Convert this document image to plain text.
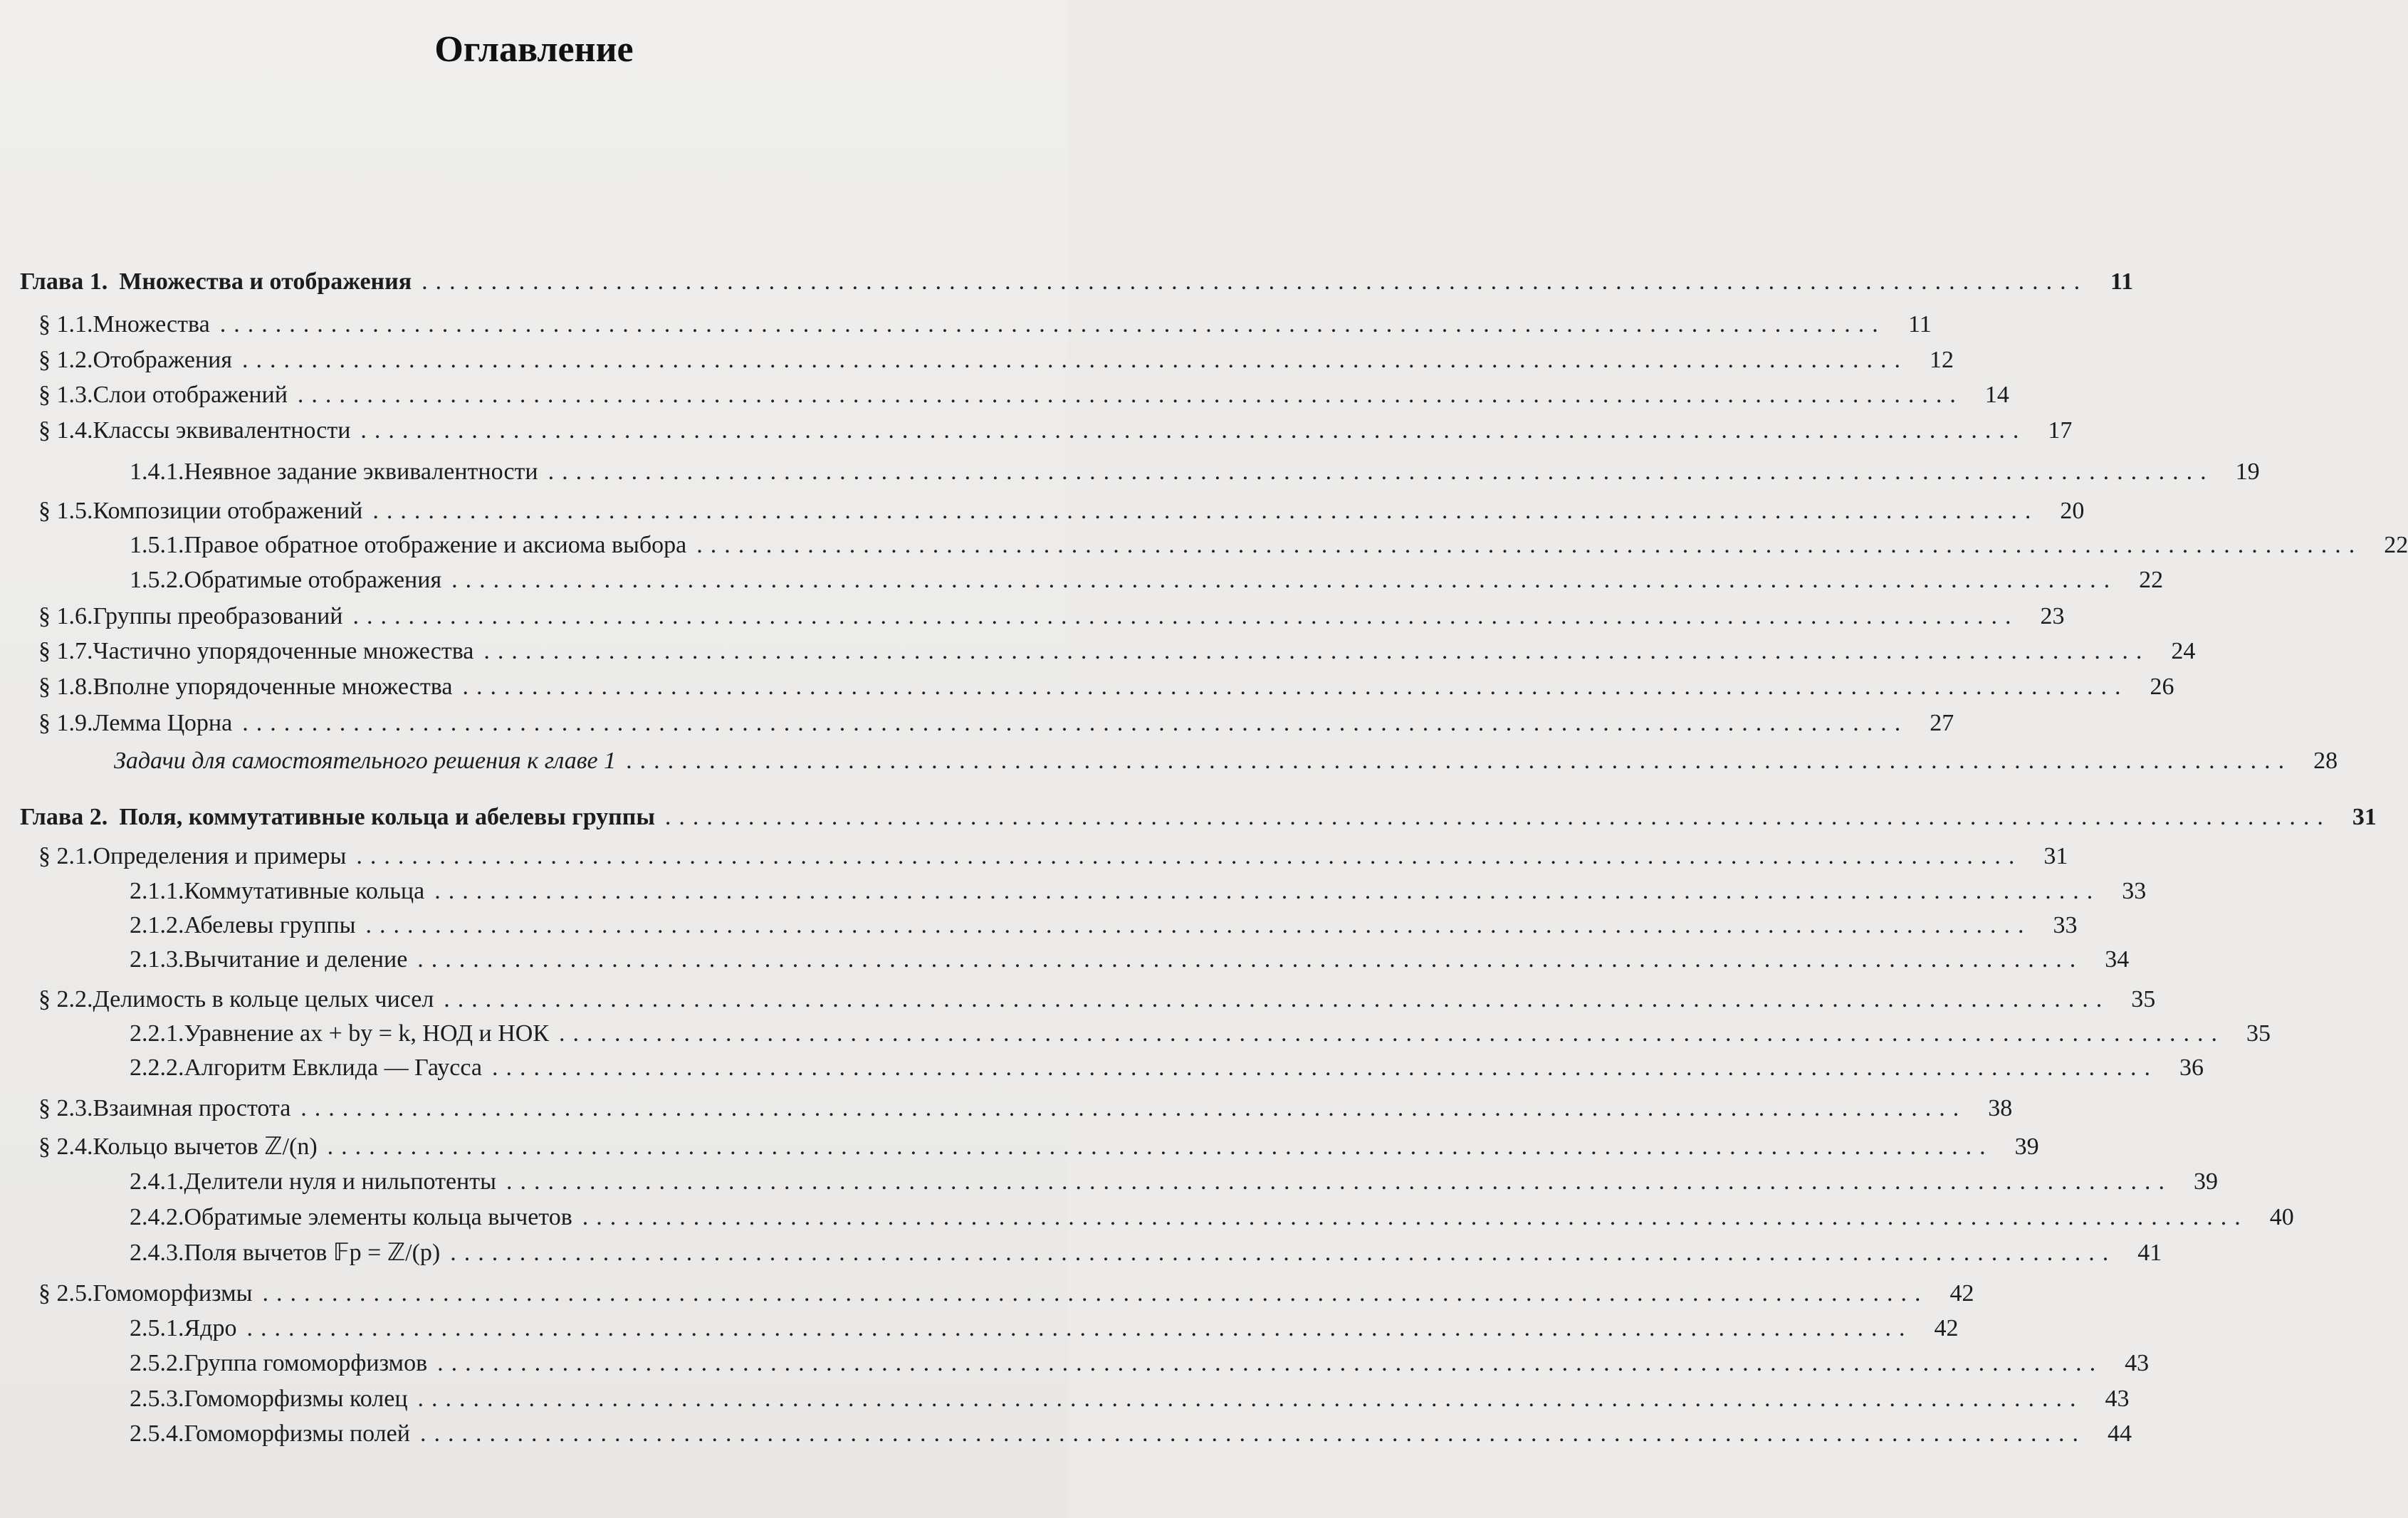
Оглавление
Глава 1. Множества и отображения ........................................................................................................................ 11
§ 1.1. Множества ........................................................................................................................ 11
§ 1.2. Отображения ........................................................................................................................ 12
§ 1.3. Слои отображений ........................................................................................................................ 14
§ 1.4. Классы эквивалентности ........................................................................................................................ 17
1.4.1. Неявное задание эквивалентности ........................................................................................................................ 19
§ 1.5. Композиции отображений ........................................................................................................................ 20
1.5.1. Правое обратное отображение и аксиома выбора ........................................................................................................................ 22
1.5.2. Обратимые отображения ........................................................................................................................ 22
§ 1.6. Группы преобразований ........................................................................................................................ 23
§ 1.7. Частично упорядоченные множества ........................................................................................................................ 24
§ 1.8. Вполне упорядоченные множества ........................................................................................................................ 26
§ 1.9. Лемма Цорна ........................................................................................................................ 27
Задачи для самостоятельного решения к главе 1 ........................................................................................................................ 28
Глава 2. Поля, коммутативные кольца и абелевы группы ........................................................................................................................ 31
§ 2.1. Определения и примеры ........................................................................................................................ 31
2.1.1. Коммутативные кольца ........................................................................................................................ 33
2.1.2. Абелевы группы ........................................................................................................................ 33
2.1.3. Вычитание и деление ........................................................................................................................ 34
§ 2.2. Делимость в кольце целых чисел ........................................................................................................................ 35
2.2.1. Уравнение ax + by = k, НОД и НОК ........................................................................................................................ 35
2.2.2. Алгоритм Евклида — Гаусса ........................................................................................................................ 36
§ 2.3. Взаимная простота ........................................................................................................................ 38
§ 2.4. Кольцо вычетов ℤ/(n) ........................................................................................................................ 39
2.4.1. Делители нуля и нильпотенты ........................................................................................................................ 39
2.4.2. Обратимые элементы кольца вычетов ........................................................................................................................ 40
2.4.3. Поля вычетов 𝔽p = ℤ/(p) ........................................................................................................................ 41
§ 2.5. Гомоморфизмы ........................................................................................................................ 42
2.5.1. Ядро ........................................................................................................................ 42
2.5.2. Группа гомоморфизмов ........................................................................................................................ 43
2.5.3. Гомоморфизмы колец ........................................................................................................................ 43
2.5.4. Гомоморфизмы полей ........................................................................................................................ 44
